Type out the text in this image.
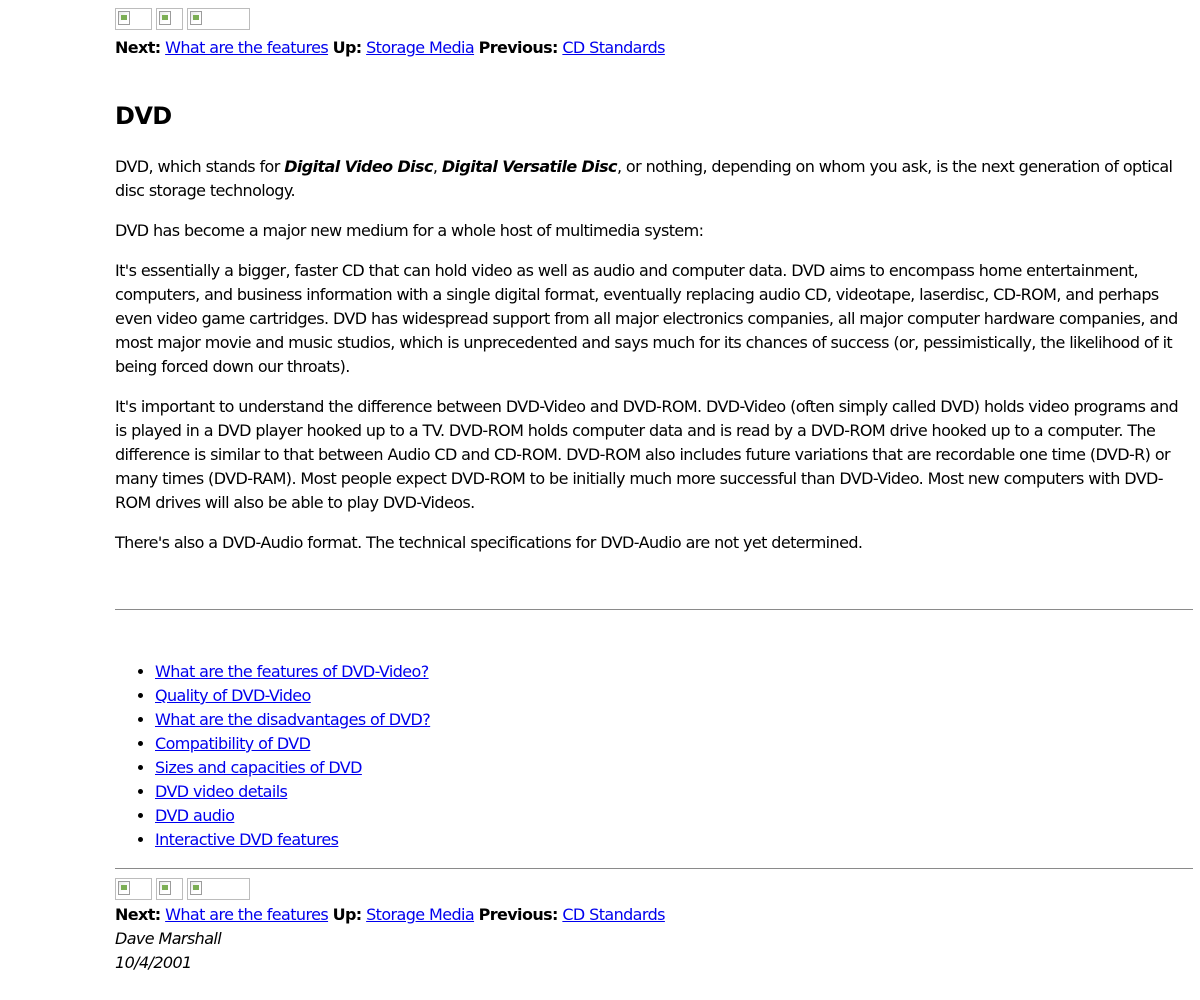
Next: What are the features Up: Storage Media Previous: CD Standards
DVD

DVD, which stands for Digital Video Disc, Digital Versatile Disc, or nothing, depending on whom you ask, is the next generation of optical disc storage technology.

DVD has become a major new medium for a whole host of multimedia system:

It's essentially a bigger, faster CD that can hold video as well as audio and computer data. DVD aims to encompass home entertainment, computers, and business information with a single digital format, eventually replacing audio CD, videotape, laserdisc, CD-ROM, and perhaps even video game cartridges. DVD has widespread support from all major electronics companies, all major computer hardware companies, and most major movie and music studios, which is unprecedented and says much for its chances of success (or, pessimistically, the likelihood of it being forced down our throats).

It's important to understand the difference between DVD-Video and DVD-ROM. DVD-Video (often simply called DVD) holds video programs and is played in a DVD player hooked up to a TV. DVD-ROM holds computer data and is read by a DVD-ROM drive hooked up to a computer. The difference is similar to that between Audio CD and CD-ROM. DVD-ROM also includes future variations that are recordable one time (DVD-R) or many times (DVD-RAM). Most people expect DVD-ROM to be initially much more successful than DVD-Video. Most new computers with DVD-ROM drives will also be able to play DVD-Videos.

There's also a DVD-Audio format. The technical specifications for DVD-Audio are not yet determined.

• What are the features of DVD-Video?
• Quality of DVD-Video
• What are the disadvantages of DVD?
• Compatibility of DVD
• Sizes and capacities of DVD
• DVD video details
• DVD audio
• Interactive DVD features
Next: What are the features Up: Storage Media Previous: CD Standards
Dave Marshall
10/4/2001
